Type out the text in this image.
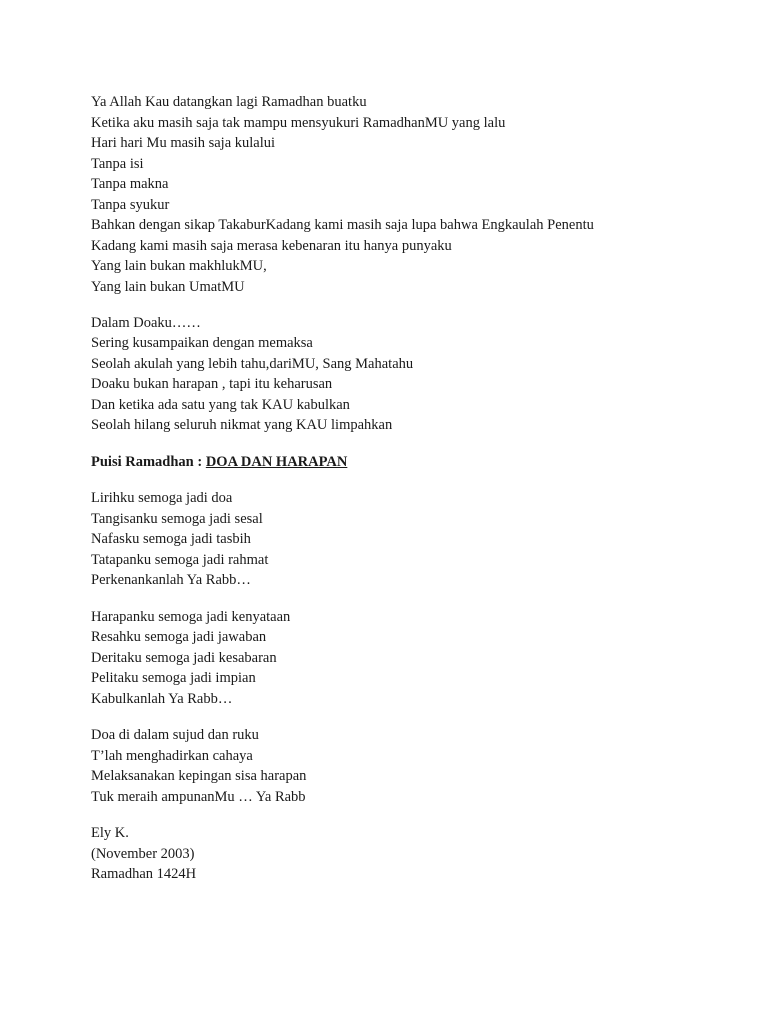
Ya Allah Kau datangkan lagi Ramadhan buatku
Ketika aku masih saja tak mampu mensyukuri RamadhanMU yang lalu
Hari hari Mu masih saja kulalui
Tanpa isi
Tanpa makna
Tanpa syukur
Bahkan dengan sikap TakaburKadang kami masih saja lupa bahwa Engkaulah Penentu
Kadang kami masih saja merasa kebenaran itu hanya punyaku
Yang lain bukan makhlukMU,
Yang lain bukan UmatMU
Dalam Doaku……
Sering kusampaikan dengan memaksa
Seolah akulah yang lebih tahu,dariMU, Sang Mahatahu
Doaku bukan harapan , tapi itu keharusan
Dan ketika ada satu yang tak KAU kabulkan
Seolah hilang seluruh nikmat yang KAU limpahkan
Puisi Ramadhan : DOA DAN HARAPAN
Lirihku semoga jadi doa
Tangisanku semoga jadi sesal
Nafasku semoga jadi tasbih
Tatapanku semoga jadi rahmat
Perkenankanlah Ya Rabb…
Harapanku semoga jadi kenyataan
Resahku semoga jadi jawaban
Deritaku semoga jadi kesabaran
Pelitaku semoga jadi impian
Kabulkanlah Ya Rabb…
Doa di dalam sujud dan ruku
T’lah menghadirkan cahaya
Melaksanakan kepingan sisa harapan
Tuk meraih ampunanMu … Ya Rabb
Ely K.
(November 2003)
Ramadhan 1424H
